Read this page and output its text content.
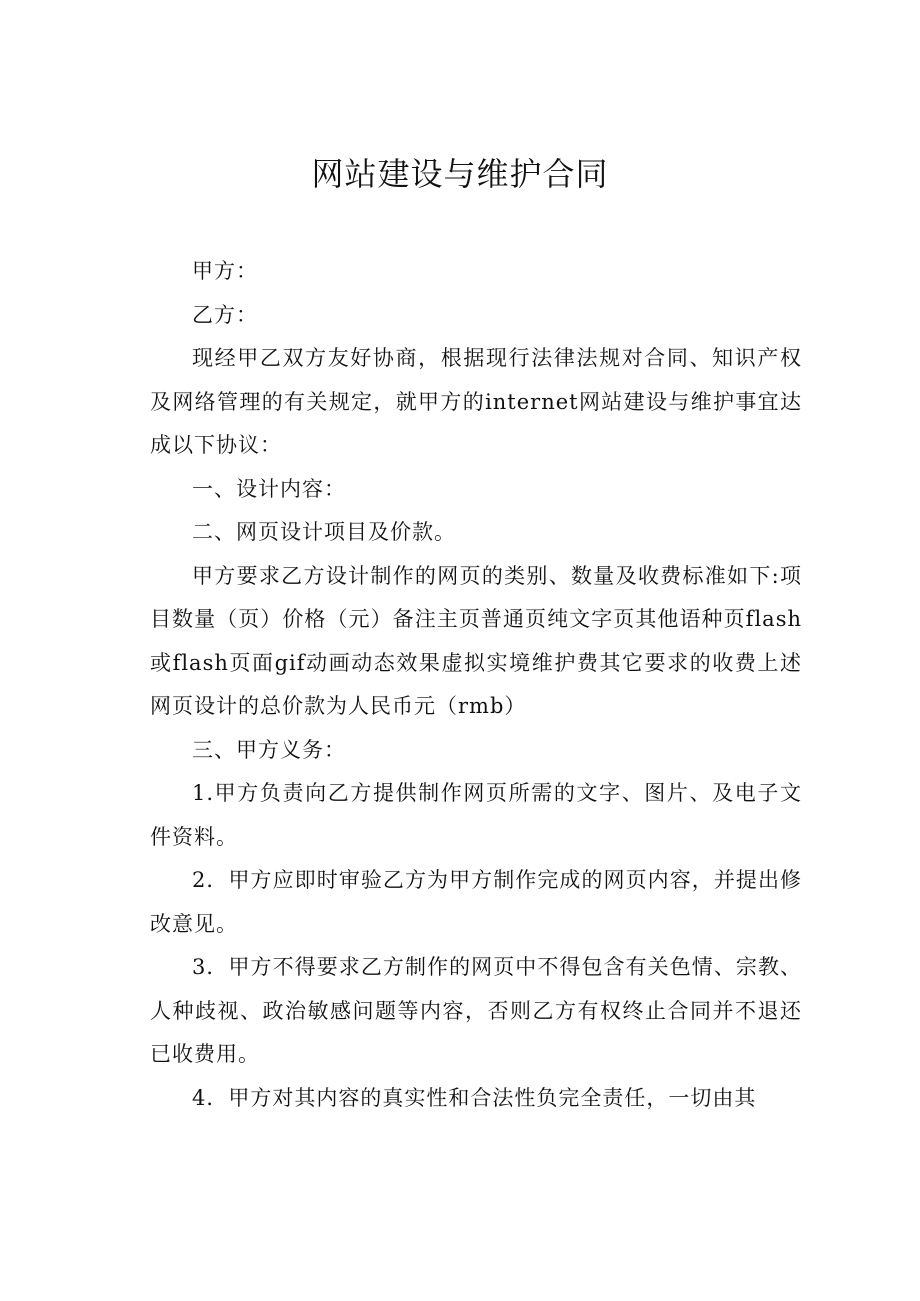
网站建设与维护合同

甲方：

乙方：

现经甲乙双方友好协商，根据现行法律法规对合同、知识产权及网络管理的有关规定，就甲方的internet网站建设与维护事宜达成以下协议：

一、设计内容：

二、网页设计项目及价款。

甲方要求乙方设计制作的网页的类别、数量及收费标准如下:项目数量（页）价格（元）备注主页普通页纯文字页其他语种页flash或flash页面gif动画动态效果虚拟实境维护费其它要求的收费上述网页设计的总价款为人民币元（rmb）

三、甲方义务：

1.甲方负责向乙方提供制作网页所需的文字、图片、及电子文件资料。

2．甲方应即时审验乙方为甲方制作完成的网页内容，并提出修改意见。

3．甲方不得要求乙方制作的网页中不得包含有关色情、宗教、人种歧视、政治敏感问题等内容，否则乙方有权终止合同并不退还已收费用。

4．甲方对其内容的真实性和合法性负完全责任，一切由其
